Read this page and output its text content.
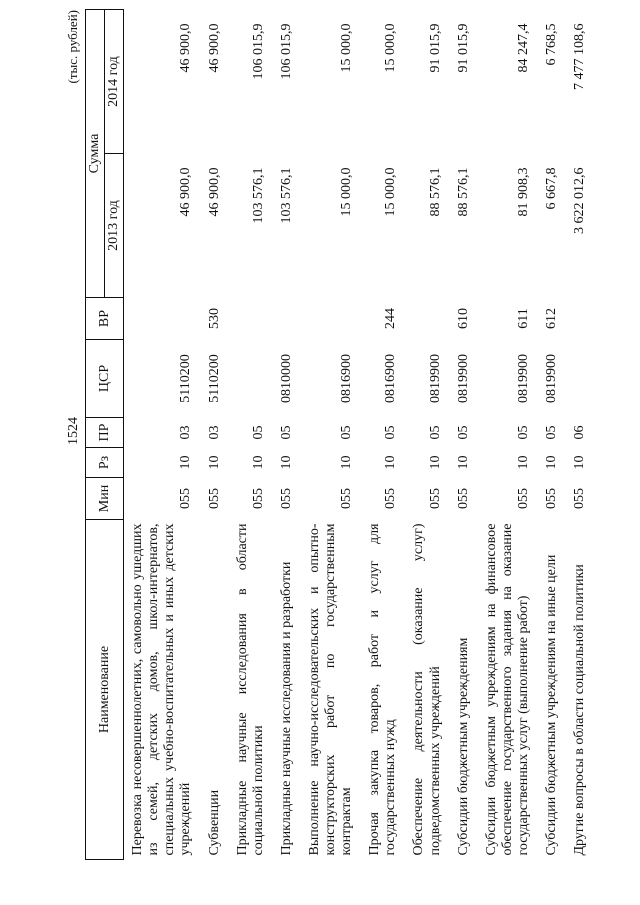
1524
(тыс. рублей)
Наименование	Мин	Рз	ПР	ЦСР	ВР	Сумма	
						2013 год	2014 год
Перевозка несовершеннолетних, самовольно ушедших из семей, детских домов, школ-интернатов, специальных учебно-воспитательных и иных детских учреждений	055	10	03	5110200		46 900,0	46 900,0
Субвенции	055	10	03	5110200	530	46 900,0	46 900,0
Прикладные научные исследования в области социальной политики	055	10	05			103 576,1	106 015,9
Прикладные научные исследования и разработки	055	10	05	0810000		103 576,1	106 015,9
Выполнение научно-исследовательских и опытно-конструкторских работ по государственным контрактам	055	10	05	0816900		15 000,0	15 000,0
Прочая закупка товаров, работ и услуг для государственных нужд	055	10	05	0816900	244	15 000,0	15 000,0
Обеспечение деятельности (оказание услуг) подведомственных учреждений	055	10	05	0819900		88 576,1	91 015,9
Субсидии бюджетным учреждениям	055	10	05	0819900	610	88 576,1	91 015,9
Субсидии бюджетным учреждениям на финансовое обеспечение государственного задания на оказание государственных услуг (выполнение работ)	055	10	05	0819900	611	81 908,3	84 247,4
Субсидии бюджетным учреждениям на иные цели	055	10	05	0819900	612	6 667,8	6 768,5
Другие вопросы в области социальной политики	055	10	06			3 622 012,6	7 477 108,6
